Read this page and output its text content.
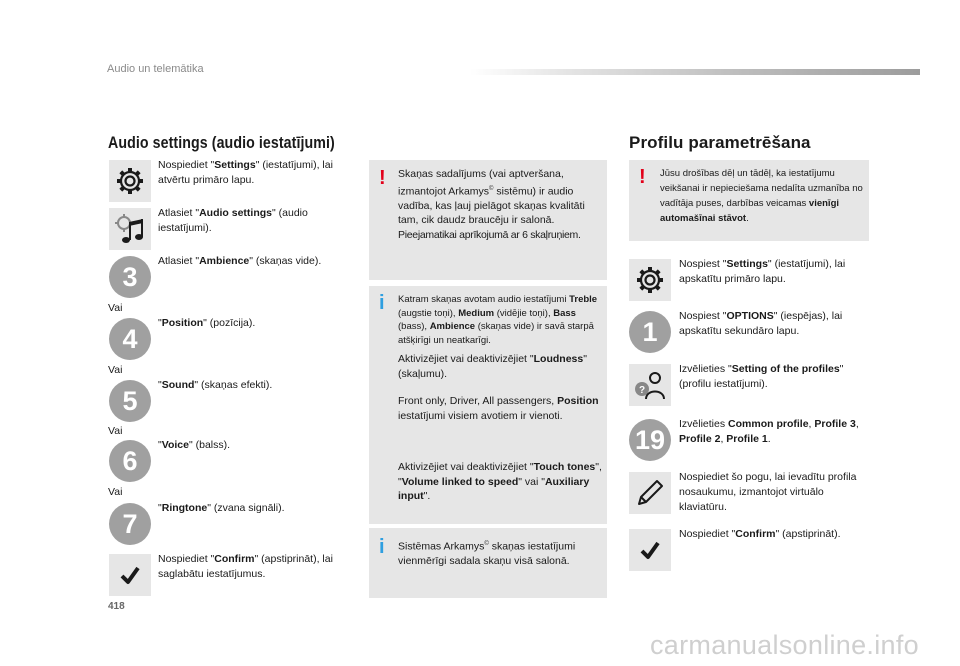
Audio un telemātika
Audio settings (audio iestatījumi)	Profilu parametrēšana
Nospiediet "Settings" (iestatījumi), lai atvērtu primāro lapu.
Atlasiet "Audio settings" (audio iestatījumi).
3
Atlasiet "Ambience" (skaņas vide).
Vai
4
"Position" (pozīcija).
Vai
5
"Sound" (skaņas efekti).
Vai
6
"Voice" (balss).
Vai
7
"Ringtone" (zvana signāli).
Nospiediet "Confirm" (apstiprināt), lai saglabātu iestatījumus.
! Skaņas sadalījums (vai aptveršana, izmantojot Arkamys© sistēmu) ir audio vadība, kas ļauj pielāgot skaņas kvalitāti tam, cik daudz braucēju ir salonā.
Pieejamatikai aprīkojumā ar 6 skaļruņiem.
i Katram skaņas avotam audio iestatījumi Treble (augstie toņi), Medium (vidējie toņi), Bass (bass), Ambience (skaņas vide) ir savā starpā atšķirīgi un neatkarīgi.
Aktivizējiet vai deaktivizējiet "Loudness" (skaļumu).
Front only, Driver, All passengers, Position iestatījumi visiem avotiem ir vienoti.
Aktivizējiet vai deaktivizējiet "Touch tones", "Volume linked to speed" vai "Auxiliary input".
i Sistēmas Arkamys© skaņas iestatījumi vienmērīgi sadala skaņu visā salonā.
! Jūsu drošības dēļ un tādēļ, ka iestatījumu veikšanai ir nepieciešama nedalīta uzmanība no vadītāja puses, darbības veicamas vienīgi automašīnai stāvot.
Nospiest "Settings" (iestatījumi), lai apskatītu primāro lapu.
1
Nospiest "OPTIONS" (iespējas), lai apskatītu sekundāro lapu.
?
Izvēlieties "Setting of the profiles" (profilu iestatījumi).
19
Izvēlieties Common profile, Profile 3, Profile 2, Profile 1.
Nospiediet šo pogu, lai ievadītu profila nosaukumu, izmantojot virtuālo klaviatūru.
Nospiediet "Confirm" (apstiprināt).
418
carmanualsonline.info
